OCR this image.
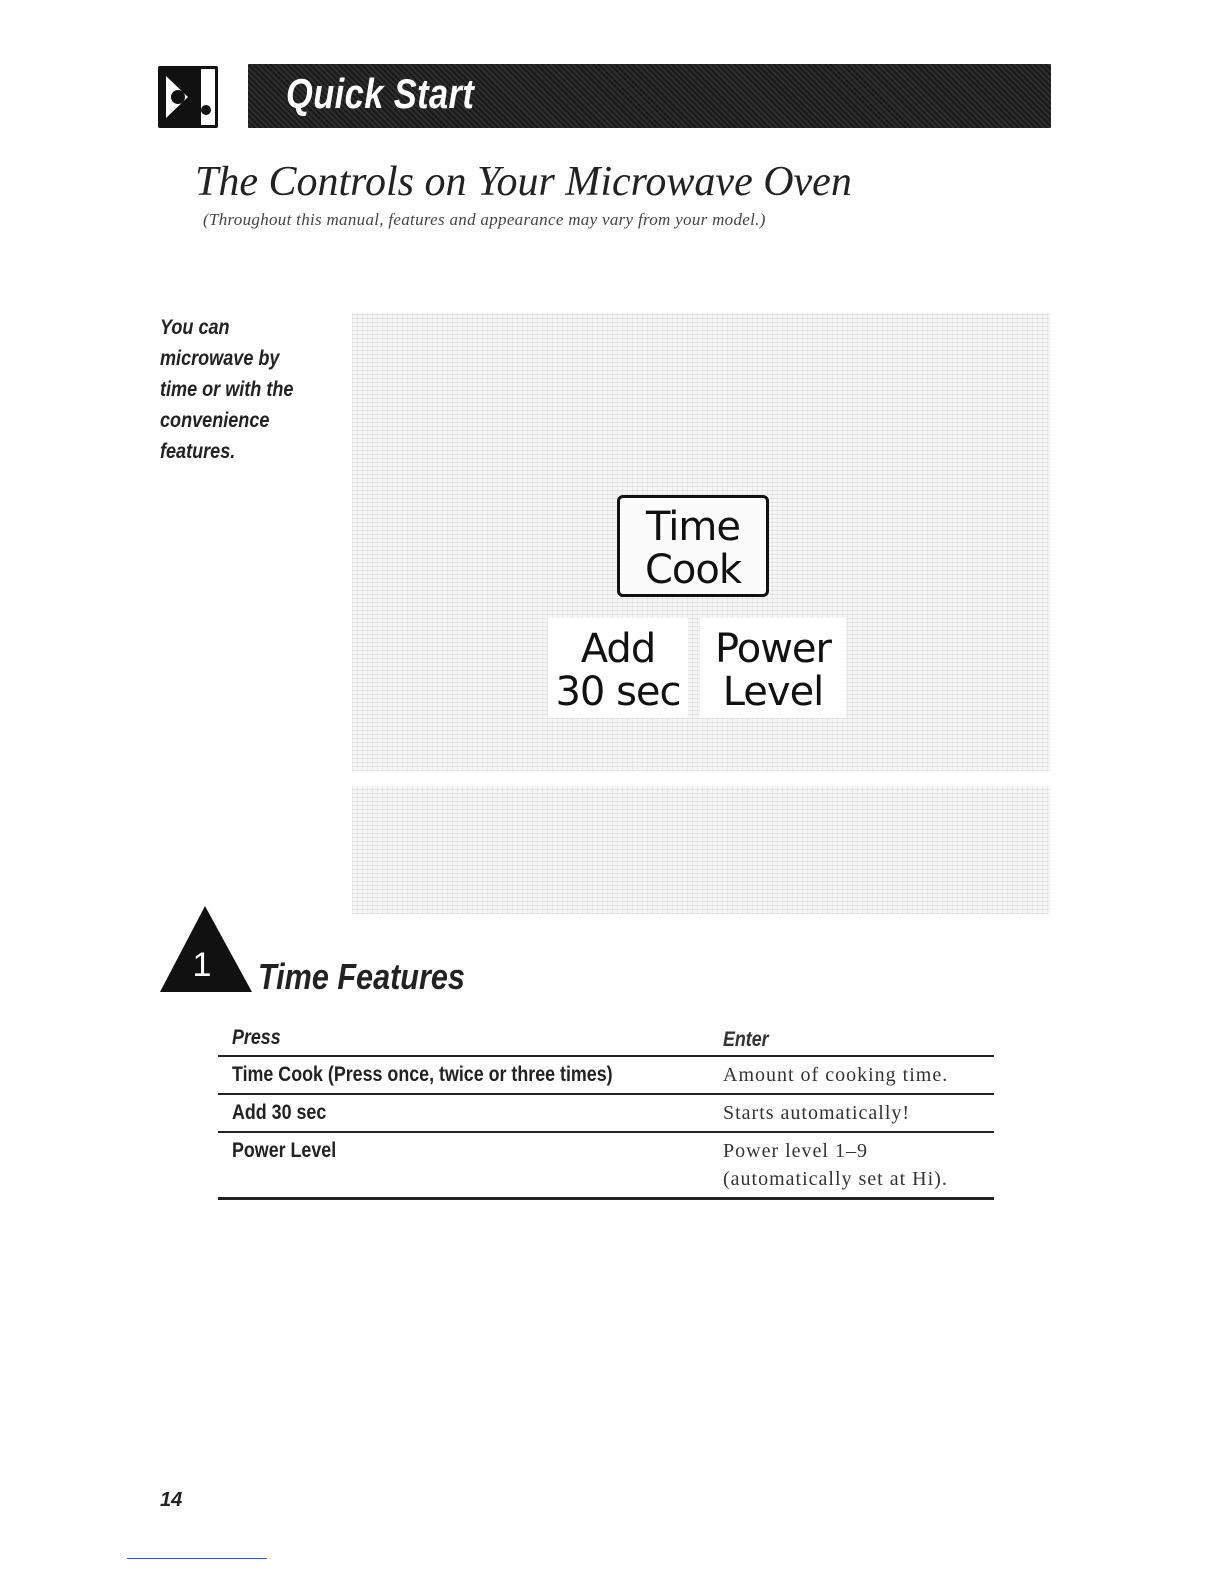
Quick Start
The Controls on Your Microwave Oven
(Throughout this manual, features and appearance may vary from your model.)
You can microwave by time or with the convenience features.
Time
Cook
Add
30 sec
Power
Level
1 Time Features
Press	Enter
Time Cook (Press once, twice or three times)	Amount of cooking time.
Add 30 sec	Starts automatically!
Power Level	Power level 1–9
(automatically set at Hi).
14
